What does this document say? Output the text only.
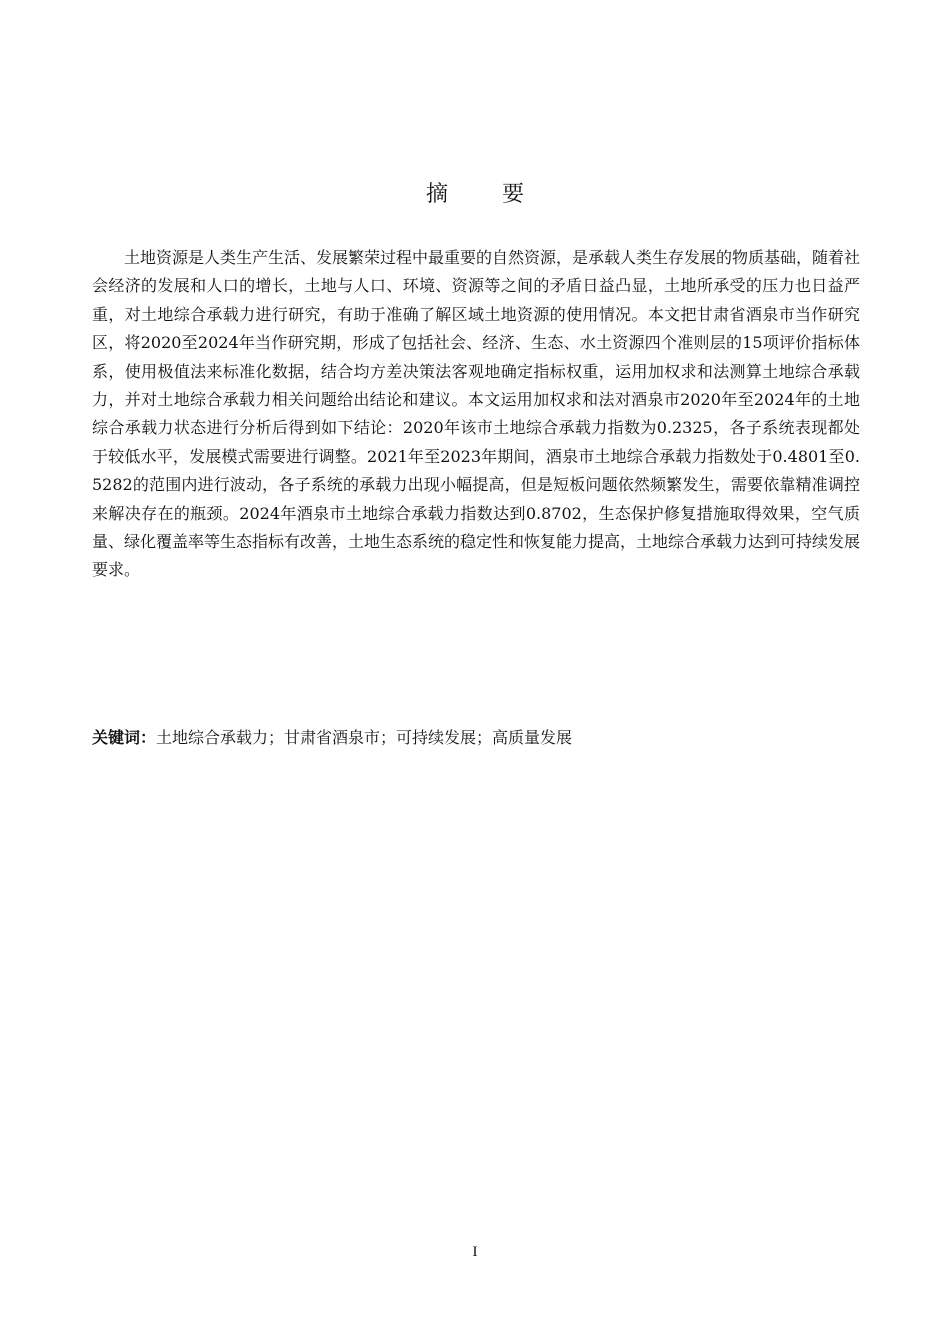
摘　要

土地资源是人类生产生活、发展繁荣过程中最重要的自然资源，是承载人类生存发展的物质基础，随着社会经济的发展和人口的增长，土地与人口、环境、资源等之间的矛盾日益凸显，土地所承受的压力也日益严重，对土地综合承载力进行研究，有助于准确了解区域土地资源的使用情况。本文把甘肃省酒泉市当作研究区，将2020至2024年当作研究期，形成了包括社会、经济、生态、水土资源四个准则层的15项评价指标体系，使用极值法来标准化数据，结合均方差决策法客观地确定指标权重，运用加权求和法测算土地综合承载力，并对土地综合承载力相关问题给出结论和建议。本文运用加权求和法对酒泉市2020年至2024年的土地综合承载力状态进行分析后得到如下结论：2020年该市土地综合承载力指数为0.2325，各子系统表现都处于较低水平，发展模式需要进行调整。2021年至2023年期间，酒泉市土地综合承载力指数处于0.4801至0.5282的范围内进行波动，各子系统的承载力出现小幅提高，但是短板问题依然频繁发生，需要依靠精准调控来解决存在的瓶颈。2024年酒泉市土地综合承载力指数达到0.8702，生态保护修复措施取得效果，空气质量、绿化覆盖率等生态指标有改善，土地生态系统的稳定性和恢复能力提高，土地综合承载力达到可持续发展要求。

关键词：土地综合承载力；甘肃省酒泉市；可持续发展；高质量发展
I
